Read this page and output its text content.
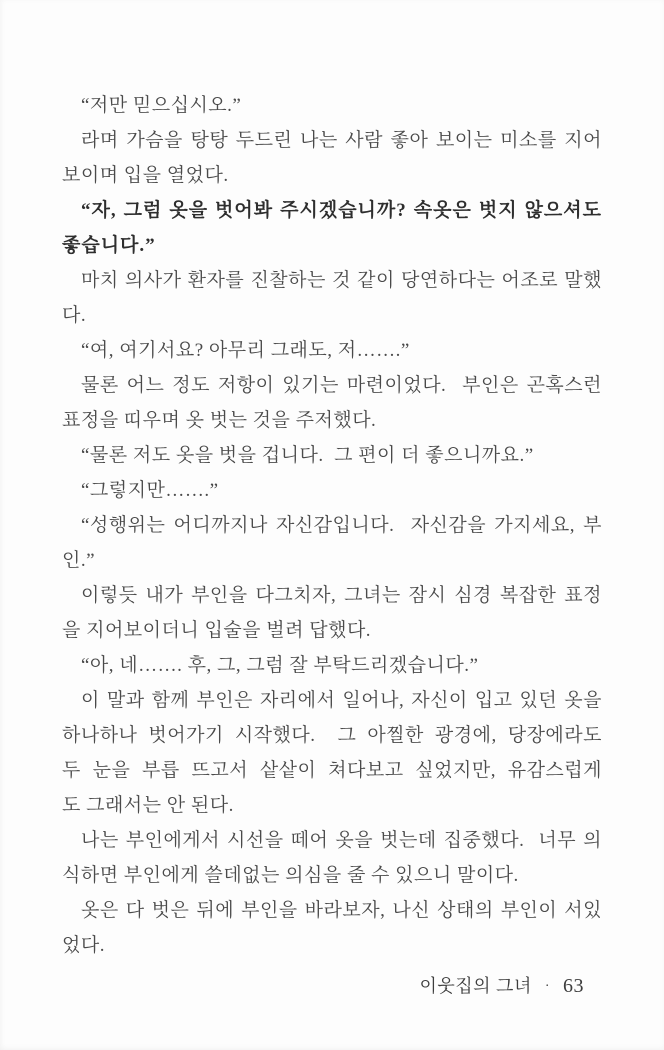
“저만 믿으십시오.”
라며 가슴을 탕탕 두드린 나는 사람 좋아 보이는 미소를 지어
보이며 입을 열었다.
“자, 그럼 옷을 벗어봐 주시겠습니까? 속옷은 벗지 않으셔도
좋습니다.”
마치 의사가 환자를 진찰하는 것 같이 당연하다는 어조로 말했
다.
“여, 여기서요? 아무리 그래도, 저…….”
물론 어느 정도 저항이 있기는 마련이었다.  부인은 곤혹스런
표정을 띠우며 옷 벗는 것을 주저했다.
“물론 저도 옷을 벗을 겁니다.  그 편이 더 좋으니까요.”
“그렇지만…….”
“성행위는 어디까지나 자신감입니다.  자신감을 가지세요, 부
인.”
이렇듯 내가 부인을 다그치자, 그녀는 잠시 심경 복잡한 표정
을 지어보이더니 입술을 벌려 답했다.
“아, 네……. 후, 그, 그럼 잘 부탁드리겠습니다.”
이 말과 함께 부인은 자리에서 일어나, 자신이 입고 있던 옷을
하나하나 벗어가기 시작했다.  그 아찔한 광경에, 당장에라도
두 눈을 부릅 뜨고서 샅샅이 쳐다보고 싶었지만, 유감스럽게
도 그래서는 안 된다.
나는 부인에게서 시선을 떼어 옷을 벗는데 집중했다.  너무 의
식하면 부인에게 쓸데없는 의심을 줄 수 있으니 말이다.
옷은 다 벗은 뒤에 부인을 바라보자, 나신 상태의 부인이 서있
었다.
이웃집의 그녀 · 63
